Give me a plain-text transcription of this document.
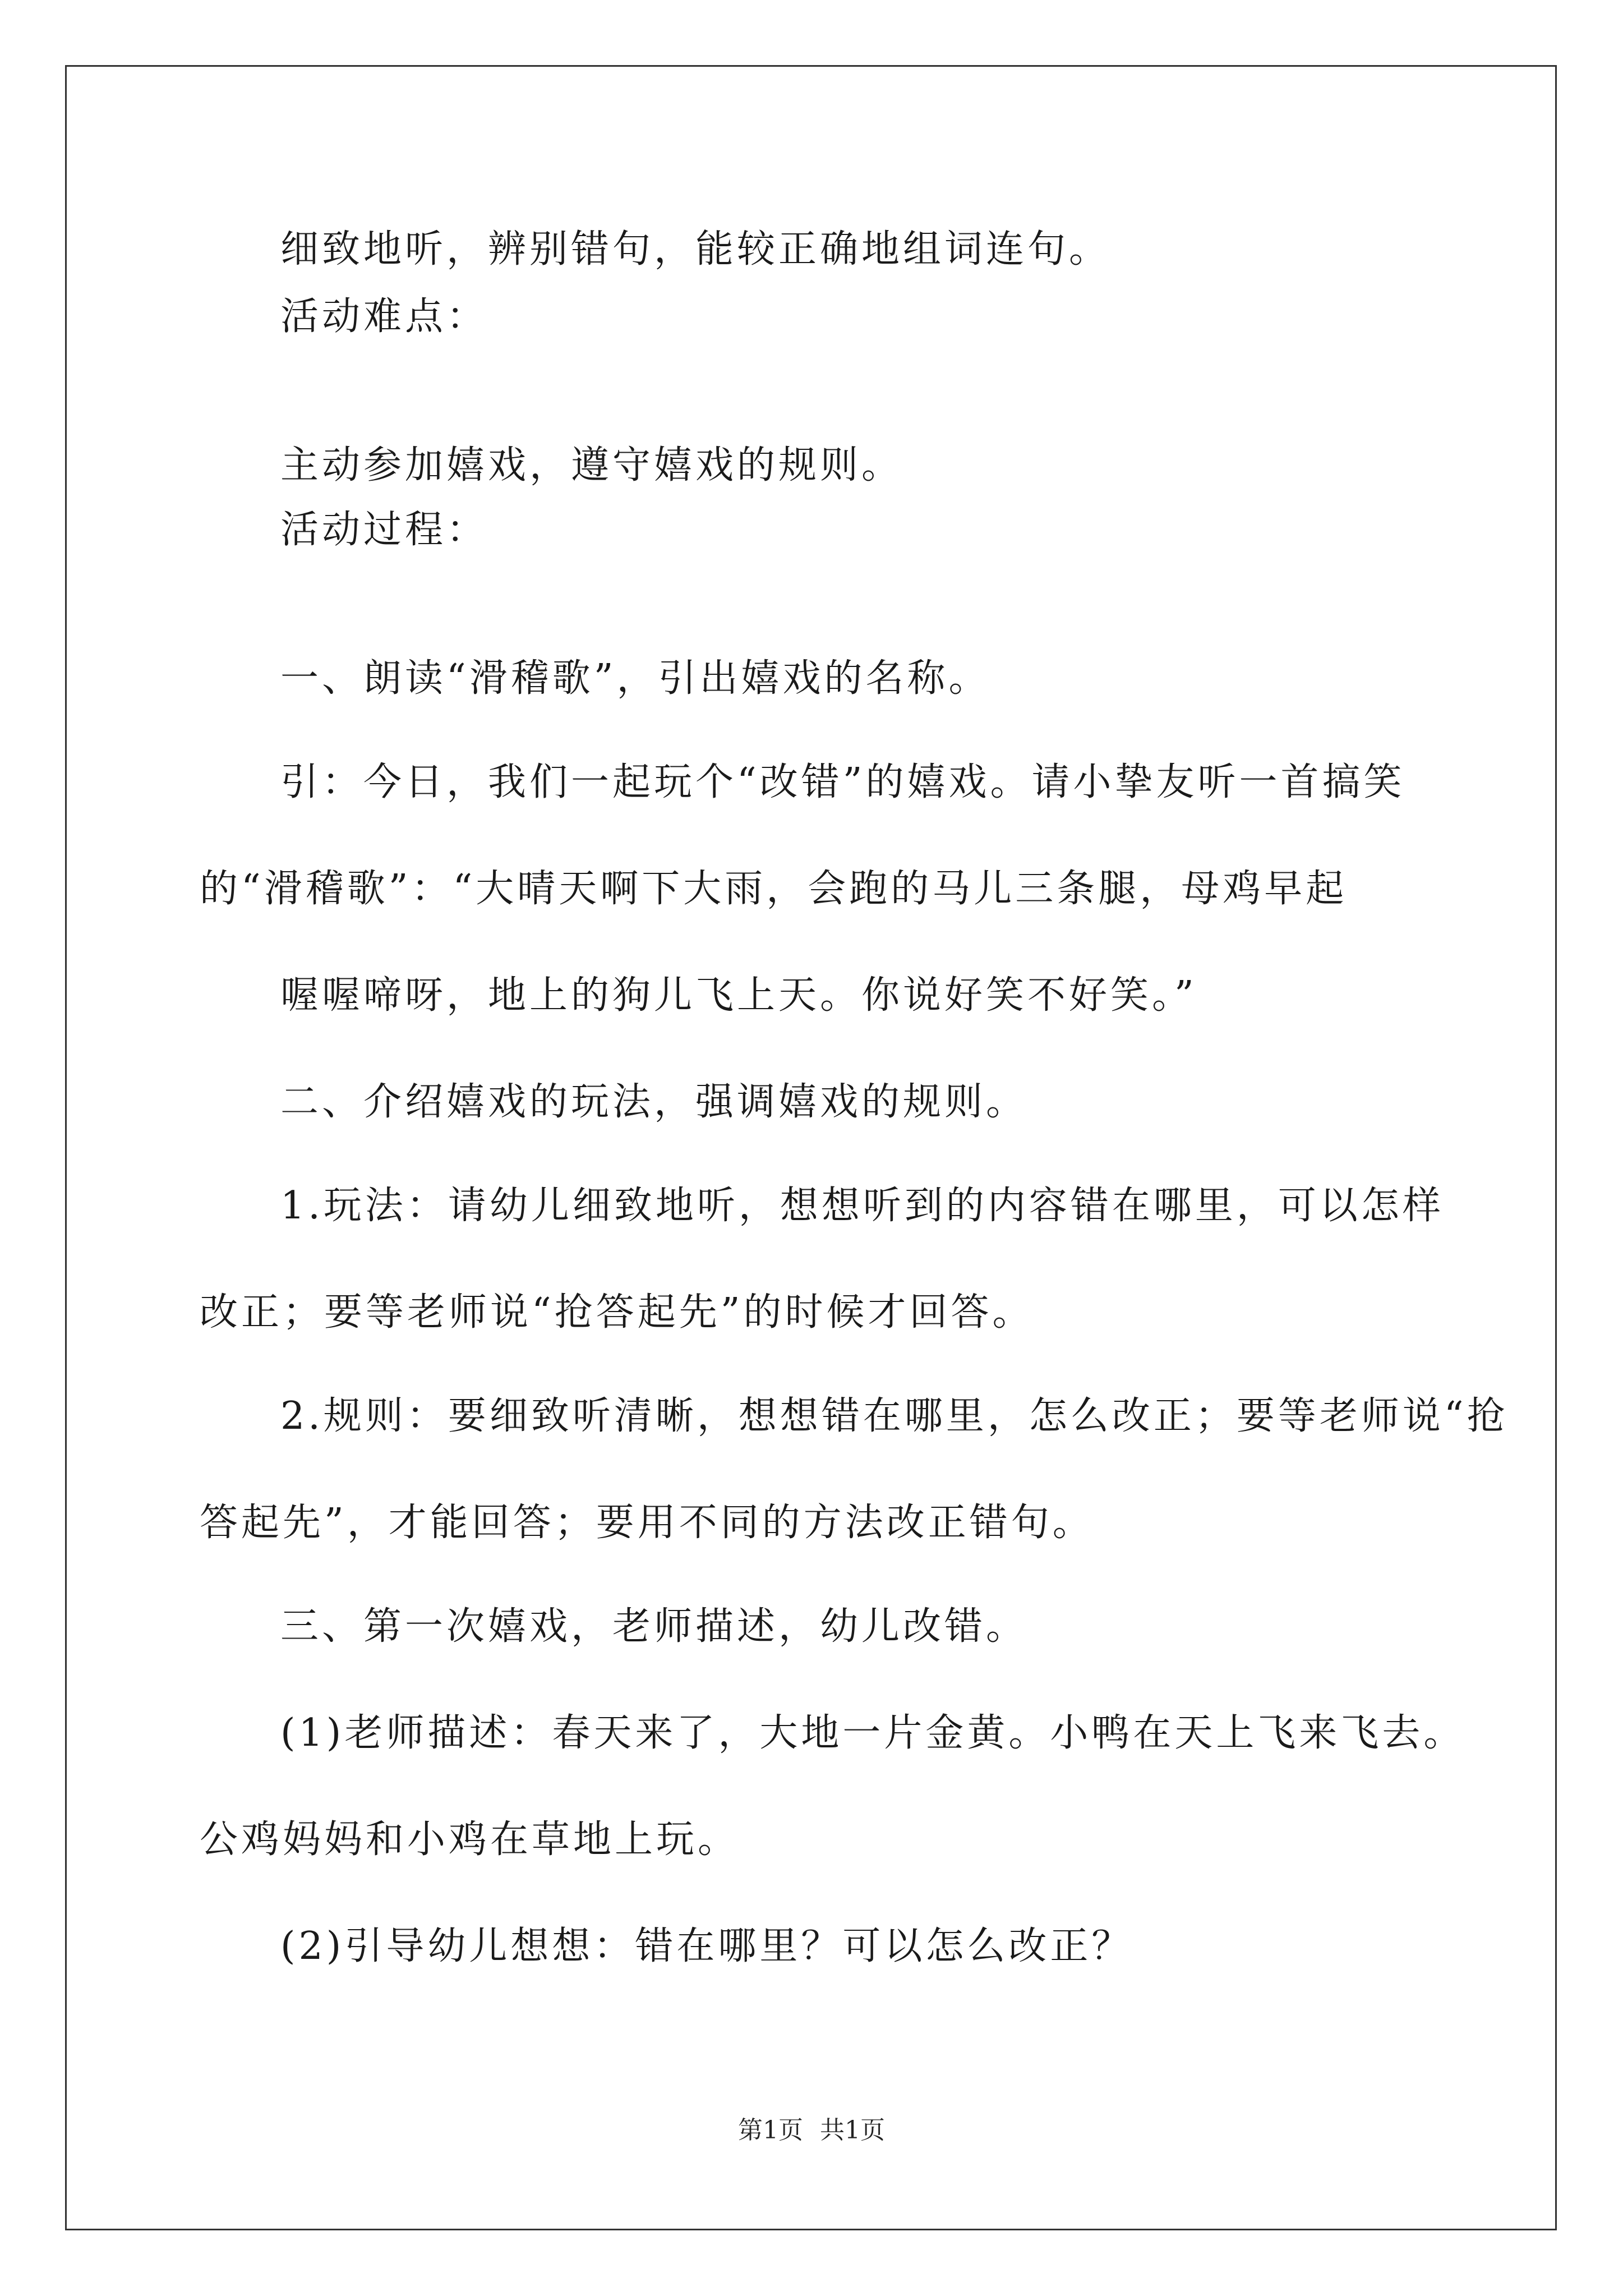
细致地听，辨别错句，能较正确地组词连句。
活动难点：
主动参加嬉戏，遵守嬉戏的规则。
活动过程：
一、朗读“滑稽歌”，引出嬉戏的名称。
引：今日，我们一起玩个“改错”的嬉戏。请小挚友听一首搞笑
的“滑稽歌”：“大晴天啊下大雨，会跑的马儿三条腿，母鸡早起
喔喔啼呀，地上的狗儿飞上天。你说好笑不好笑。”
二、介绍嬉戏的玩法，强调嬉戏的规则。
1.玩法：请幼儿细致地听，想想听到的内容错在哪里，可以怎样
改正；要等老师说“抢答起先”的时候才回答。
2.规则：要细致听清晰，想想错在哪里，怎么改正；要等老师说“抢
答起先”，才能回答；要用不同的方法改正错句。
三、第一次嬉戏，老师描述，幼儿改错。
(1)老师描述：春天来了，大地一片金黄。小鸭在天上飞来飞去。
公鸡妈妈和小鸡在草地上玩。
(2)引导幼儿想想：错在哪里？可以怎么改正？
第1页 共1页
